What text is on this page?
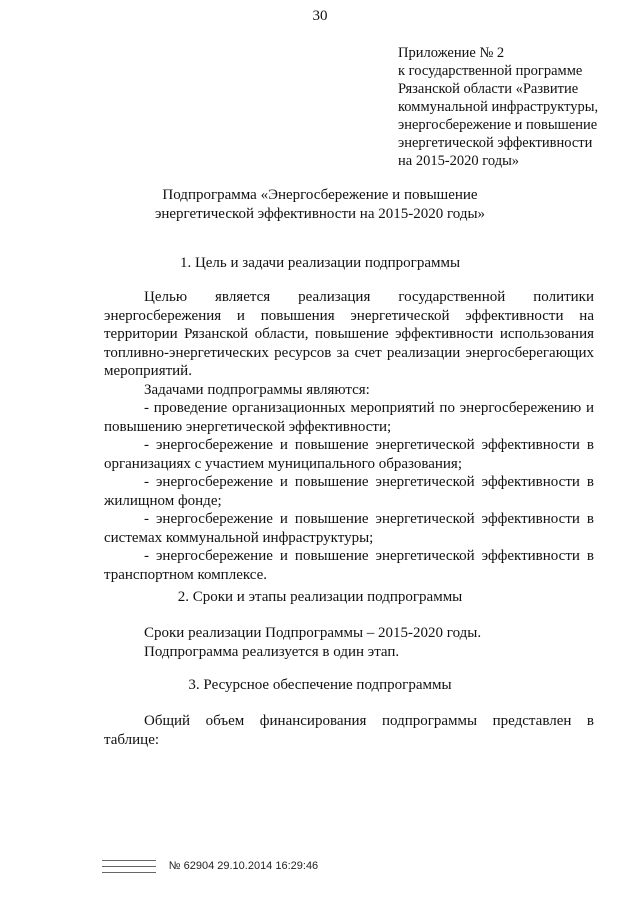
30
Приложение № 2
к государственной программе
Рязанской области «Развитие
коммунальной инфраструктуры,
энергосбережение и повышение
энергетической эффективности
на 2015-2020 годы»
Подпрограмма «Энергосбережение и повышение
энергетической эффективности на 2015-2020 годы»
1. Цель и задачи реализации подпрограммы
Целью является реализация государственной политики
энергосбережения и повышения энергетической эффективности на
территории Рязанской области, повышение эффективности использования
топливно-энергетических ресурсов за счет реализации энергосберегающих
мероприятий.
Задачами подпрограммы являются:
- проведение организационных мероприятий по энергосбережению и
повышению энергетической эффективности;
- энергосбережение и повышение энергетической эффективности в
организациях с участием муниципального образования;
- энергосбережение и повышение энергетической эффективности в
жилищном фонде;
- энергосбережение и повышение энергетической эффективности в
системах коммунальной инфраструктуры;
- энергосбережение и повышение энергетической эффективности в
транспортном комплексе.
2. Сроки и этапы реализации подпрограммы
Сроки реализации Подпрограммы – 2015-2020 годы.
Подпрограмма реализуется в один этап.
3. Ресурсное обеспечение подпрограммы
Общий объем финансирования подпрограммы представлен в
таблице:
№ 62904 29.10.2014 16:29:46
